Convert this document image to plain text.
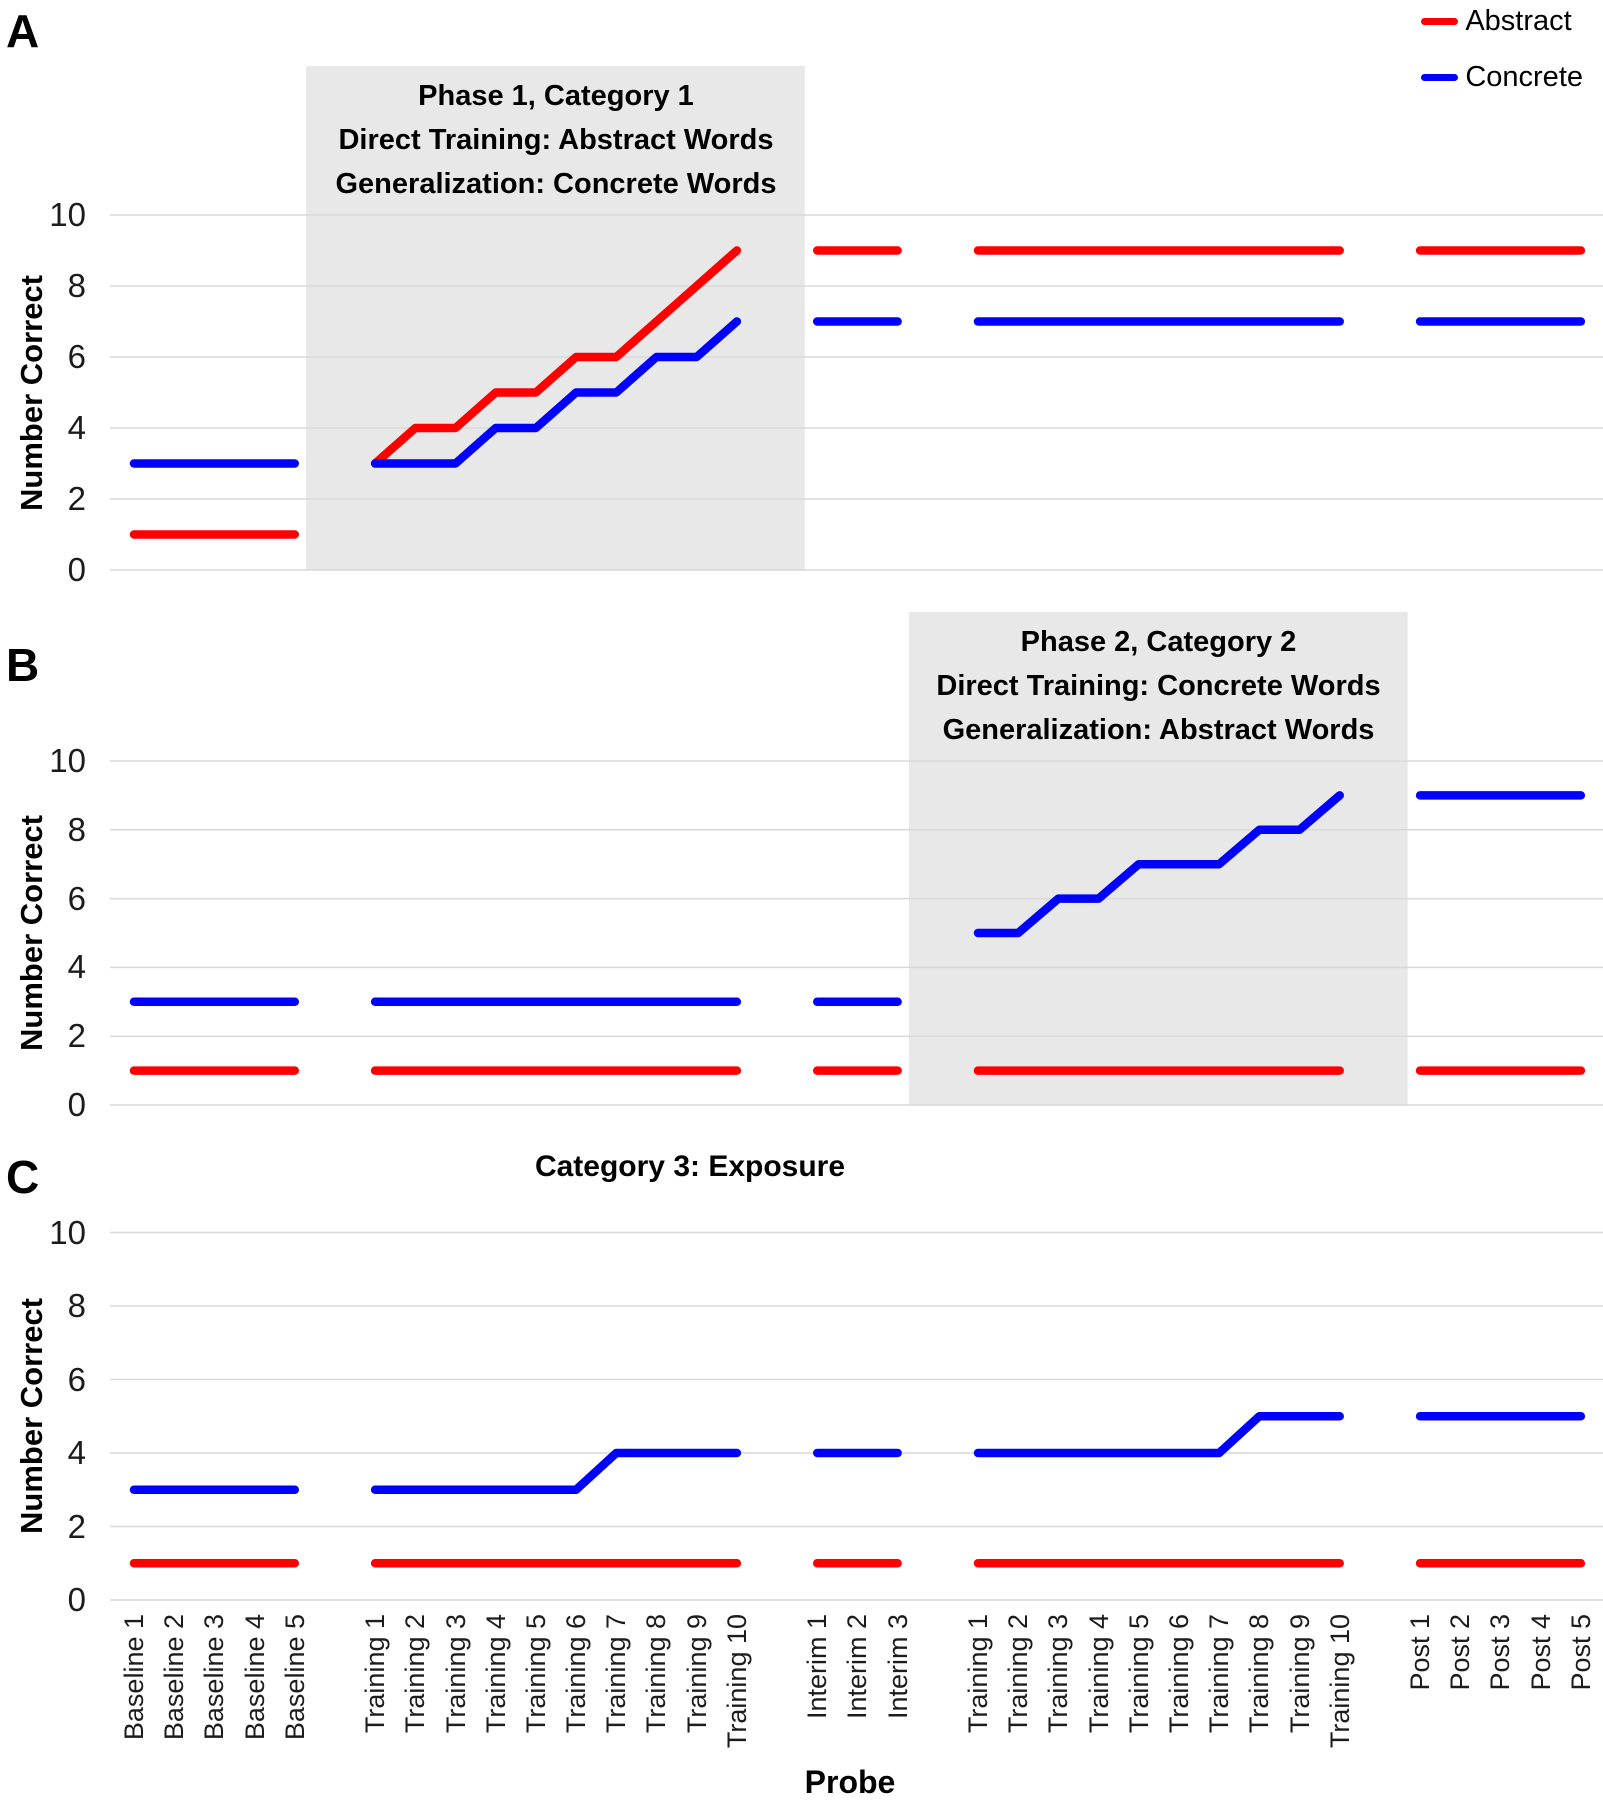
A
B
C
Abstract
Concrete
Phase 1, Category 1
Direct Training: Abstract Words
Generalization: Concrete Words
Phase 2, Category 2
Direct Training: Concrete Words
Generalization: Abstract Words
Category 3: Exposure
Number Correct
Number Correct
Number Correct
0
2
4
6
8
10
0
2
4
6
8
10
0
2
4
6
8
10
Baseline 1 Baseline 2 Baseline 3 Baseline 4 Baseline 5 Training 1 Training 2 Training 3 Training 4 Training 5 Training 6 Training 7 Training 8 Training 9 Training 10 Interim 1 Interim 2 Interim 3 Training 1 Training 2 Training 3 Training 4 Training 5 Training 6 Training 7 Training 8 Training 9 Training 10 Post 1 Post 2 Post 3 Post 4 Post 5
Probe
